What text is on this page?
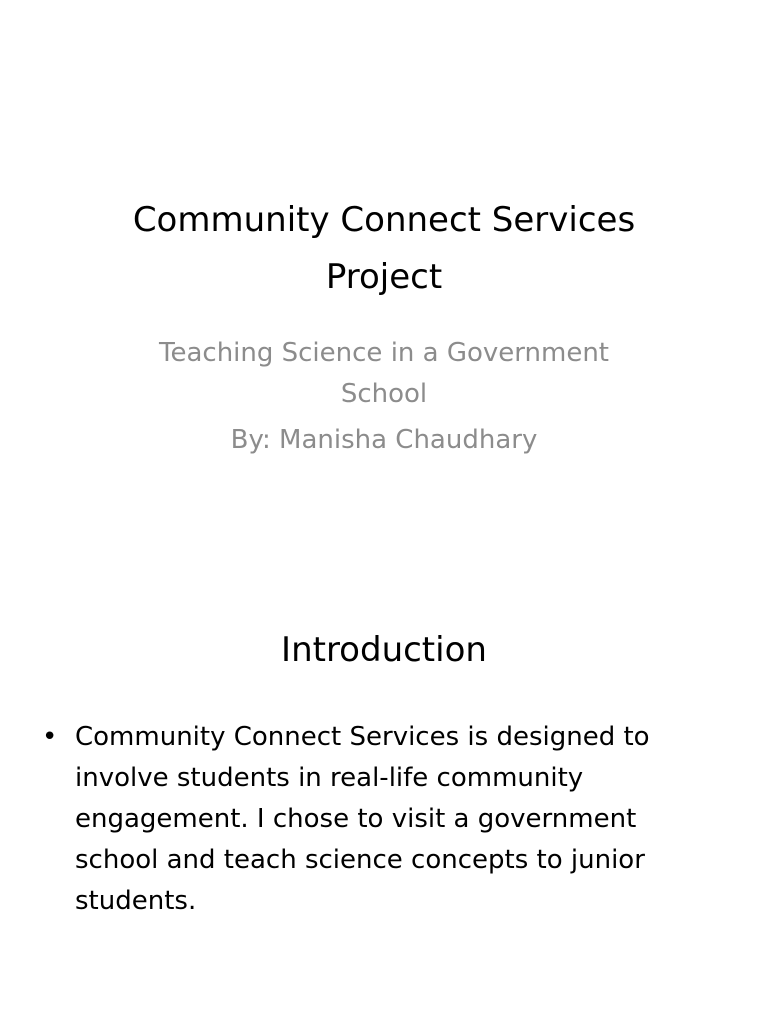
Community Connect Services
Project

Teaching Science in a Government
School
By: Manisha Chaudhary

Introduction
• Community Connect Services is designed to
involve students in real-life community
engagement. I chose to visit a government
school and teach science concepts to junior
students.
